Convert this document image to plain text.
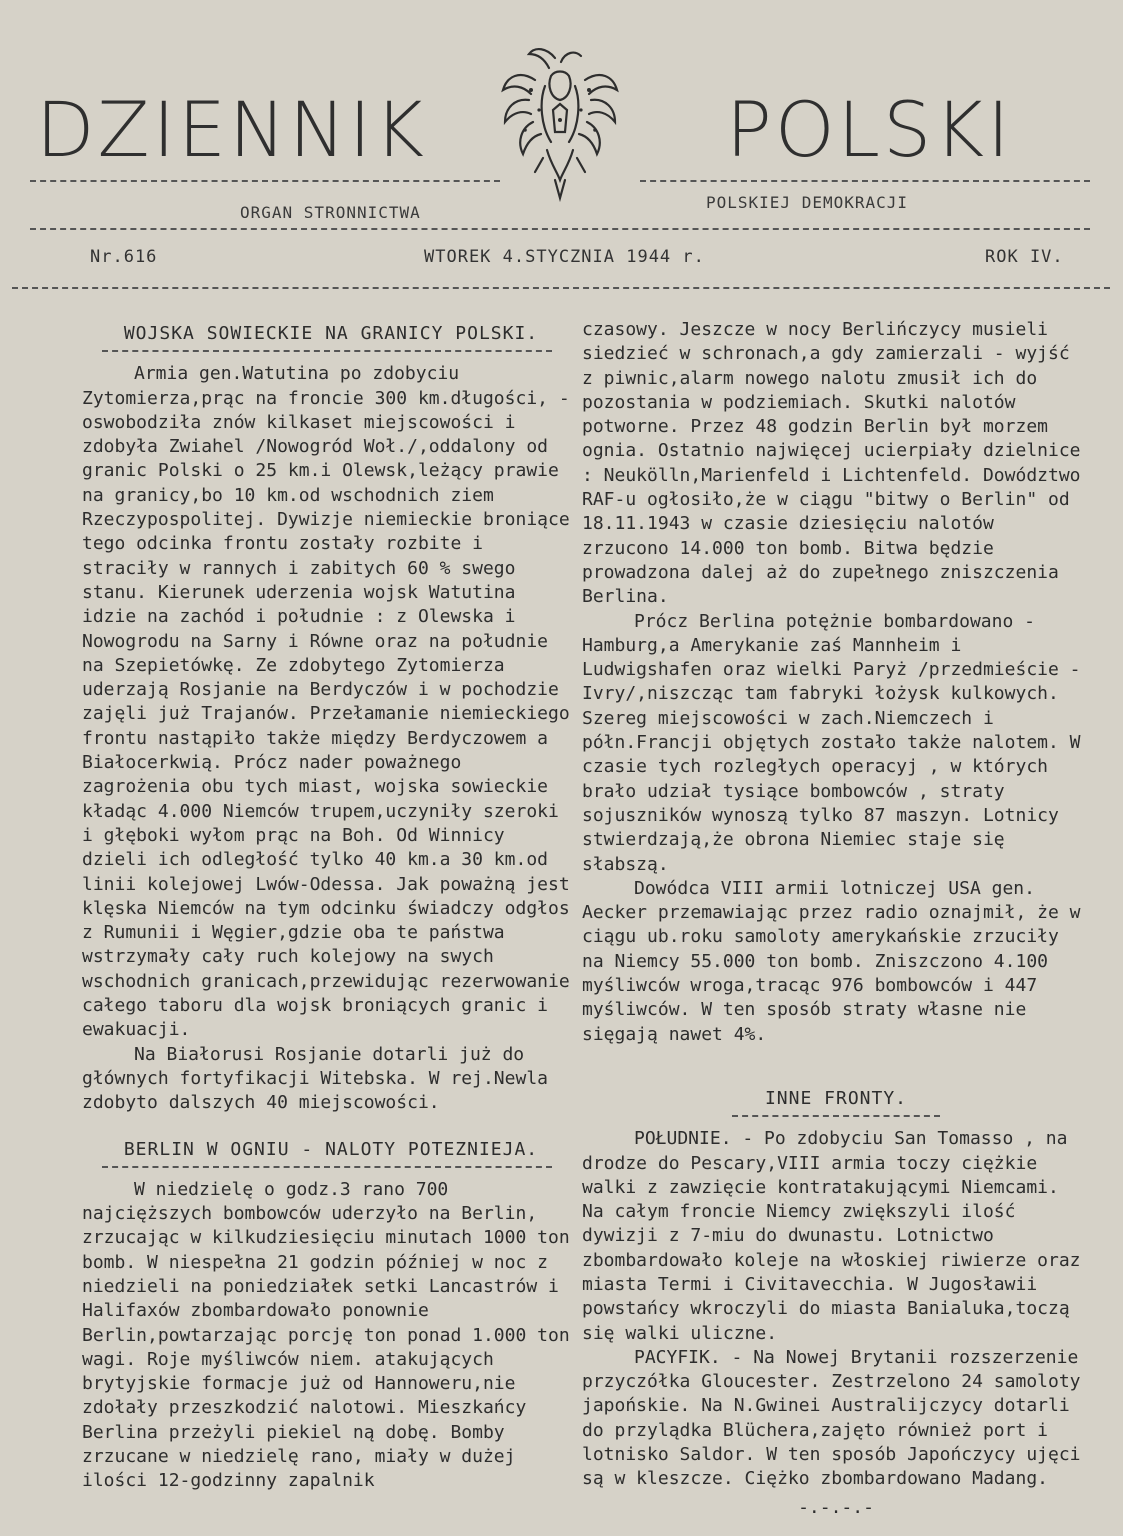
DZIENNIK	POLSKI
ORGAN STRONNICTWA
POLSKIEJ DEMOKRACJI
Nr.616	WTOREK 4.STYCZNIA 1944 r.	ROK IV.
WOJSKA SOWIECKIE NA GRANICY POLSKI.

Armia gen.Watutina po zdobyciu Zytomierza,prąc na froncie 300 km.długości, - oswobodziła znów kilkaset miejscowości i zdobyła Zwiahel /Nowogród Woł./,oddalony od granic Polski o 25 km.i Olewsk,leżący prawie na granicy,bo 10 km.od wschodnich ziem Rzeczypospolitej. Dywizje niemieckie broniące tego odcinka frontu zostały rozbite i straciły w rannych i zabitych 60 % swego stanu. Kierunek uderzenia wojsk Watutina idzie na zachód i południe : z Olewska i Nowogrodu na Sarny i Równe oraz na południe na Szepietówkę. Ze zdobytego Zytomierza uderzają Rosjanie na Berdyczów i w pochodzie zajęli już Trajanów. Przełamanie niemieckiego frontu nastąpiło także między Berdyczowem a Białocerkwią. Prócz nader poważnego zagrożenia obu tych miast, wojska sowieckie kładąc 4.000 Niemców trupem,uczyniły szeroki i głęboki wyłom prąc na Boh. Od Winnicy dzieli ich odległość tylko 40 km.a 30 km.od linii kolejowej Lwów-Odessa. Jak poważną jest klęska Niemców na tym odcinku świadczy odgłos z Rumunii i Węgier,gdzie oba te państwa wstrzymały cały ruch kolejowy na swych wschodnich granicach,przewidując rezerwowanie całego taboru dla wojsk broniących granic i ewakuacji.

Na Białorusi Rosjanie dotarli już do głównych fortyfikacji Witebska. W rej.Newla zdobyto dalszych 40 miejscowości.

BERLIN W OGNIU - NALOTY POTEZNIEJA.

W niedzielę o godz.3 rano 700 najcięższych bombowców uderzyło na Berlin, zrzucając w kilkudziesięciu minutach 1000 ton bomb. W niespełna 21 godzin później w noc z niedzieli na poniedziałek setki Lancastrów i Halifaxów zbombardowało ponownie Berlin,powtarzając porcję ton ponad 1.000 ton wagi. Roje myśliwców niem. atakujących brytyjskie formacje już od Hannoweru,nie zdołały przeszkodzić nalotowi. Mieszkańcy Berlina przeżyli piekiel ną dobę. Bomby zrzucane w niedzielę rano, miały w dużej ilości 12-godzinny zapalnik

czasowy. Jeszcze w nocy Berlińczycy musieli siedzieć w schronach,a gdy zamierzali - wyjść z piwnic,alarm nowego nalotu zmusił ich do pozostania w podziemiach. Skutki nalotów potworne. Przez 48 godzin Berlin był morzem ognia. Ostatnio najwięcej ucierpiały dzielnice : Neukölln,Marienfeld i Lichtenfeld. Dowództwo RAF-u ogłosiło,że w ciągu "bitwy o Berlin" od 18.11.1943 w czasie dziesięciu nalotów zrzucono 14.000 ton bomb. Bitwa będzie prowadzona dalej aż do zupełnego zniszczenia Berlina.

Prócz Berlina potężnie bombardowano - Hamburg,a Amerykanie zaś Mannheim i Ludwigshafen oraz wielki Paryż /przedmieście - Ivry/,niszcząc tam fabryki łożysk kulkowych. Szereg miejscowości w zach.Niemczech i półn.Francji objętych zostało także nalotem. W czasie tych rozległych operacyj , w których brało udział tysiące bombowców , straty sojuszników wynoszą tylko 87 maszyn. Lotnicy stwierdzają,że obrona Niemiec staje się słabszą.

Dowódca VIII armii lotniczej USA gen. Aecker przemawiając przez radio oznajmił, że w ciągu ub.roku samoloty amerykańskie zrzuciły na Niemcy 55.000 ton bomb. Zniszczono 4.100 myśliwców wroga,tracąc 976 bombowców i 447 myśliwców. W ten sposób straty własne nie sięgają nawet 4%.

INNE FRONTY.

POŁUDNIE. - Po zdobyciu San Tomasso , na drodze do Pescary,VIII armia toczy ciężkie walki z zawzięcie kontratakującymi Niemcami. Na całym froncie Niemcy zwiększyli ilość dywizji z 7-miu do dwunastu. Lotnictwo zbombardowało koleje na włoskiej riwierze oraz miasta Termi i Civitavecchia. W Jugosławii powstańcy wkroczyli do miasta Banialuka,toczą się walki uliczne.

PACYFIK. - Na Nowej Brytanii rozszerzenie przyczółka Gloucester. Zestrzelono 24 samoloty japońskie. Na N.Gwinei Australijczycy dotarli do przylądka Blüchera,zajęto również port i lotnisko Saldor. W ten sposób Japończycy ujęci są w kleszcze. Ciężko zbombardowano Madang.

-.-.-.-
